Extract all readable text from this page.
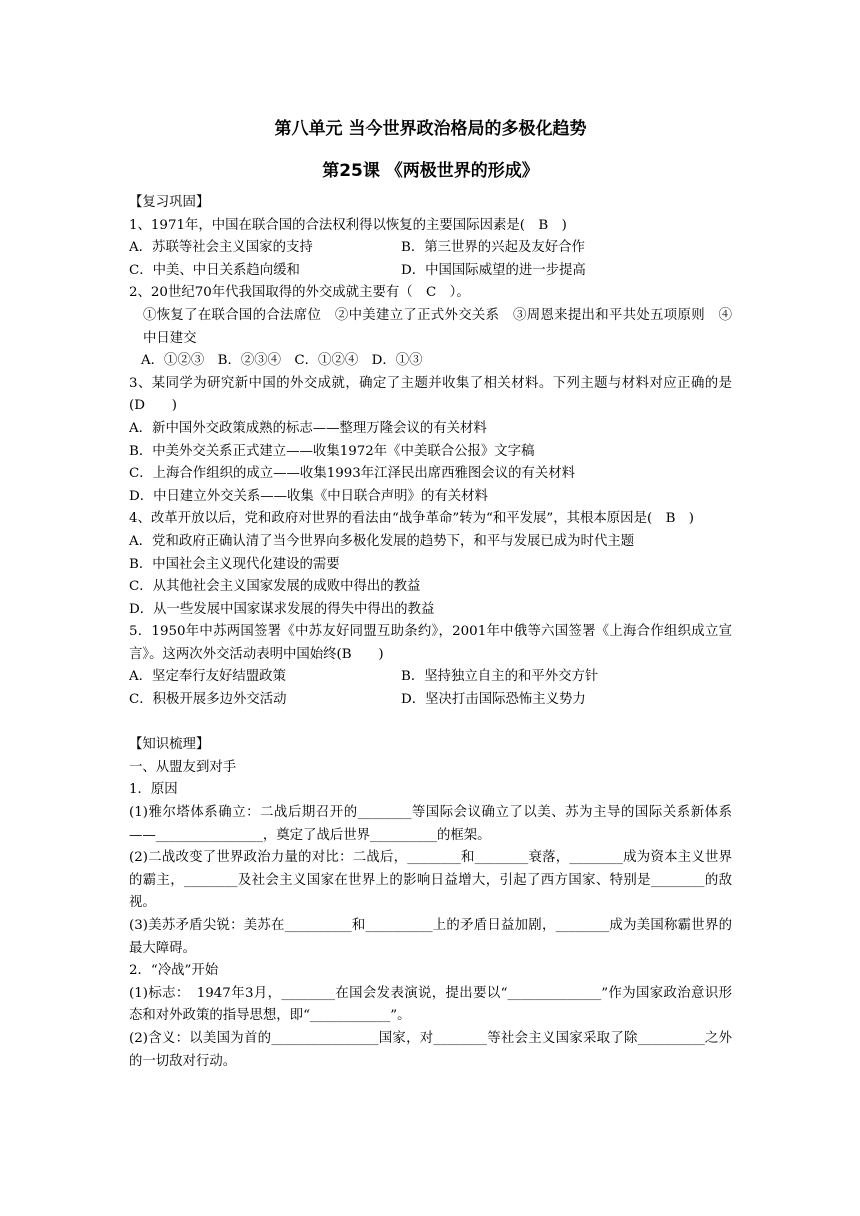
第八单元 当今世界政治格局的多极化趋势

第25课 《两极世界的形成》

【复习巩固】

1、1971年，中国在联合国的合法权利得以恢复的主要国际因素是(　B　)

A．苏联等社会主义国家的支持	B．第三世界的兴起及友好合作
C．中美、中日关系趋向缓和	D．中国国际威望的进一步提高

2、20世纪70年代我国取得的外交成就主要有（　C　）。

①恢复了在联合国的合法席位　②中美建立了正式外交关系　③周恩来提出和平共处五项原则　④中日建交

A．①②③　B．②③④　C．①②④　D．①③

3、某同学为研究新中国的外交成就，确定了主题并收集了相关材料。下列主题与材料对应正确的是(D　　)

A．新中国外交政策成熟的标志——整理万隆会议的有关材料

B．中美外交关系正式建立——收集1972年《中美联合公报》文字稿

C．上海合作组织的成立——收集1993年江泽民出席西雅图会议的有关材料

D．中日建立外交关系——收集《中日联合声明》的有关材料

4、改革开放以后，党和政府对世界的看法由“战争革命”转为“和平发展”，其根本原因是(　B　)

A．党和政府正确认清了当今世界向多极化发展的趋势下，和平与发展已成为时代主题

B．中国社会主义现代化建设的需要

C．从其他社会主义国家发展的成败中得出的教益

D．从一些发展中国家谋求发展的得失中得出的教益

5．1950年中苏两国签署《中苏友好同盟互助条约》，2001年中俄等六国签署《上海合作组织成立宣言》。这两次外交活动表明中国始终(B　　)

A．坚定奉行友好结盟政策	B．坚持独立自主的和平外交方针
C．积极开展多边外交活动	D．坚决打击国际恐怖主义势力

【知识梳理】

一、从盟友到对手

1．原因

(1)雅尔塔体系确立：二战后期召开的________等国际会议确立了以美、苏为主导的国际关系新体系——________________，奠定了战后世界__________的框架。

(2)二战改变了世界政治力量的对比：二战后，________和________衰落，________成为资本主义世界的霸主，________及社会主义国家在世界上的影响日益增大，引起了西方国家、特别是________的敌视。

(3)美苏矛盾尖锐：美苏在__________和__________上的矛盾日益加剧，________成为美国称霸世界的最大障碍。

2．“冷战”开始

(1)标志：　1947年3月，________在国会发表演说，提出要以“______________”作为国家政治意识形态和对外政策的指导思想，即“____________”。

(2)含义：以美国为首的________________国家，对________等社会主义国家采取了除__________之外的一切敌对行动。
